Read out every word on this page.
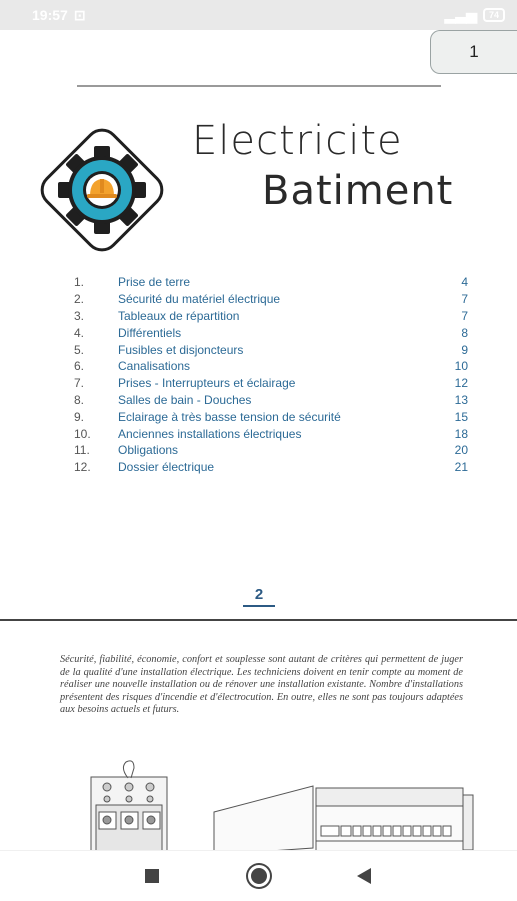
19:57 ⊡	▂▃▅	74
1
Electricite
Batiment
1.	Prise de terre	4
2.	Sécurité du matériel électrique	7
3.	Tableaux de répartition	7
4.	Différentiels	8
5.	Fusibles et disjoncteurs	9
6.	Canalisations	10
7.	Prises - Interrupteurs et éclairage	12
8.	Salles de bain - Douches	13
9.	Eclairage à très basse tension de sécurité	15
10.	Anciennes installations électriques	18
11.	Obligations	20
12.	Dossier électrique	21
2
Sécurité, fiabilité, économie, confort et souplesse sont autant de critères qui permettent de juger de la qualité d'une installation électrique. Les techniciens doivent en tenir compte au moment de réaliser une nouvelle installation ou de rénover une installation existante. Nombre d'installations présentent des risques d'incendie et d'électrocution. En outre, elles ne sont pas toujours adaptées aux besoins actuels et futurs.
